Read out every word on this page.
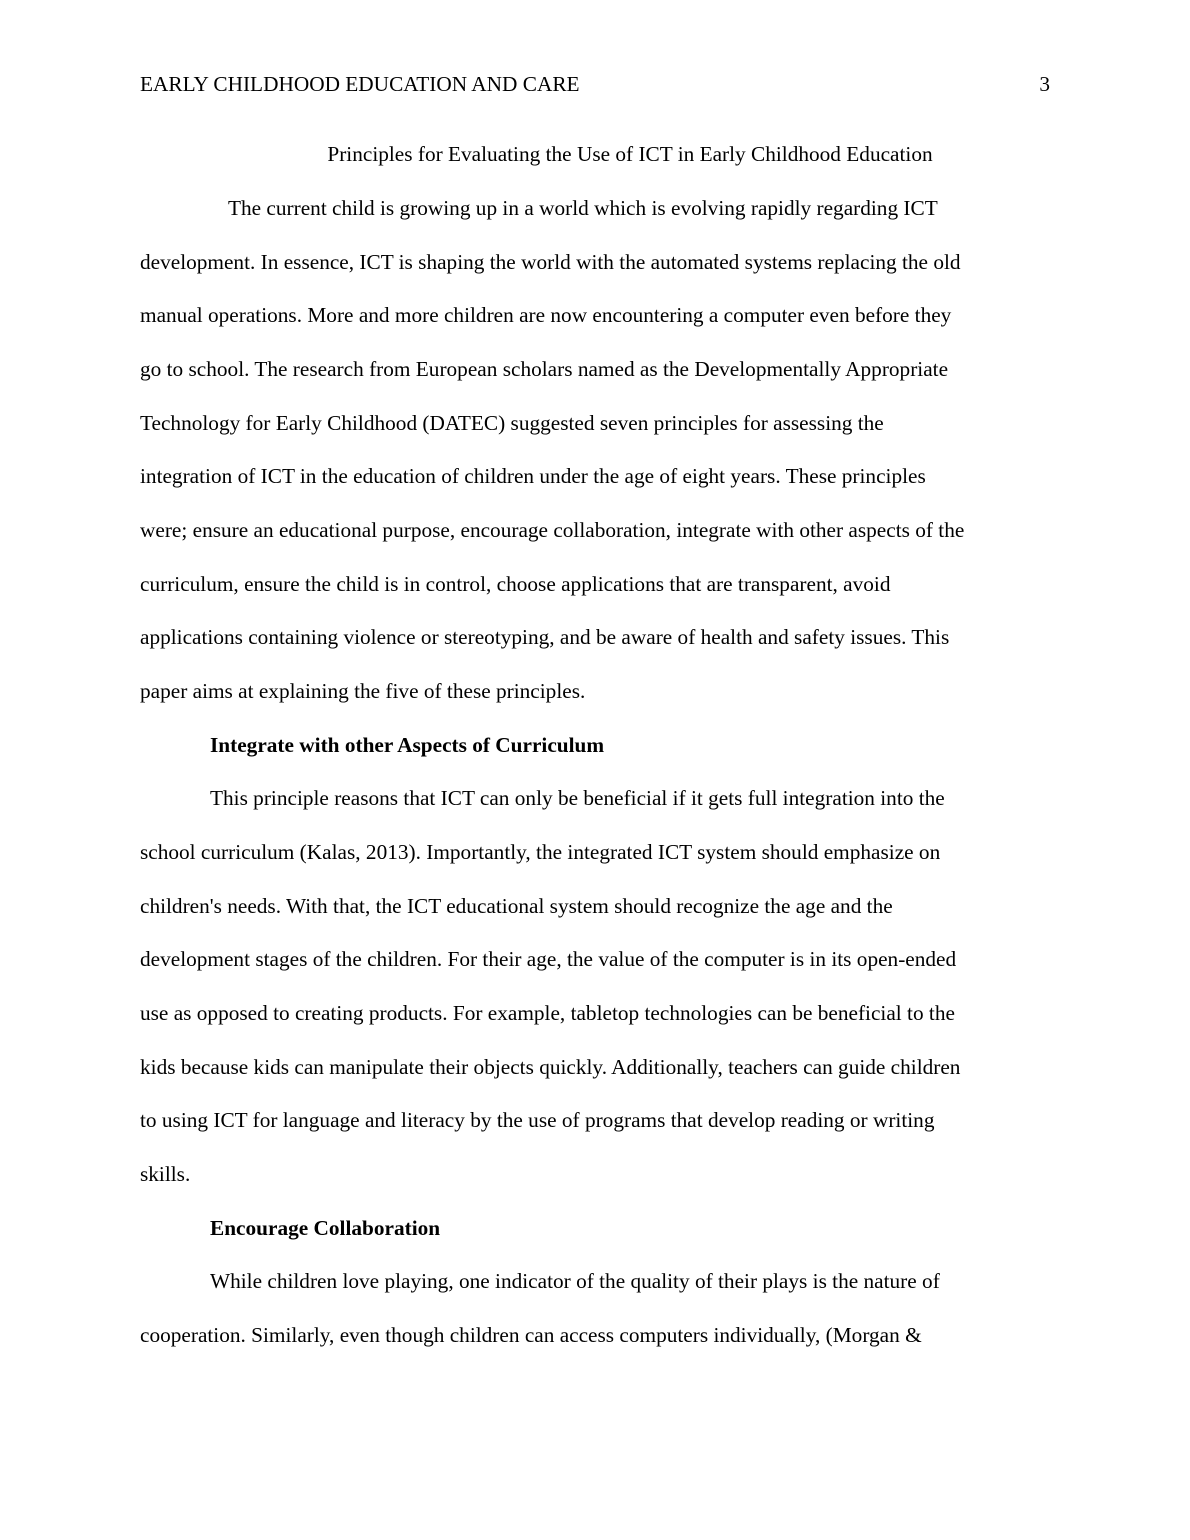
EARLY CHILDHOOD EDUCATION AND CARE	3
Principles for Evaluating the Use of ICT in Early Childhood Education
The current child is growing up in a world which is evolving rapidly regarding ICT
development. In essence, ICT is shaping the world with the automated systems replacing the old
manual operations. More and more children are now encountering a computer even before they
go to school. The research from European scholars named as the Developmentally Appropriate
Technology for Early Childhood (DATEC) suggested seven principles for assessing the
integration of ICT in the education of children under the age of eight years. These principles
were; ensure an educational purpose, encourage collaboration, integrate with other aspects of the
curriculum, ensure the child is in control, choose applications that are transparent, avoid
applications containing violence or stereotyping, and be aware of health and safety issues. This
paper aims at explaining the five of these principles.
Integrate with other Aspects of Curriculum
This principle reasons that ICT can only be beneficial if it gets full integration into the
school curriculum (Kalas, 2013). Importantly, the integrated ICT system should emphasize on
children's needs. With that, the ICT educational system should recognize the age and the
development stages of the children. For their age, the value of the computer is in its open-ended
use as opposed to creating products. For example, tabletop technologies can be beneficial to the
kids because kids can manipulate their objects quickly. Additionally, teachers can guide children
to using ICT for language and literacy by the use of programs that develop reading or writing
skills.
Encourage Collaboration
While children love playing, one indicator of the quality of their plays is the nature of
cooperation. Similarly, even though children can access computers individually, (Morgan &
